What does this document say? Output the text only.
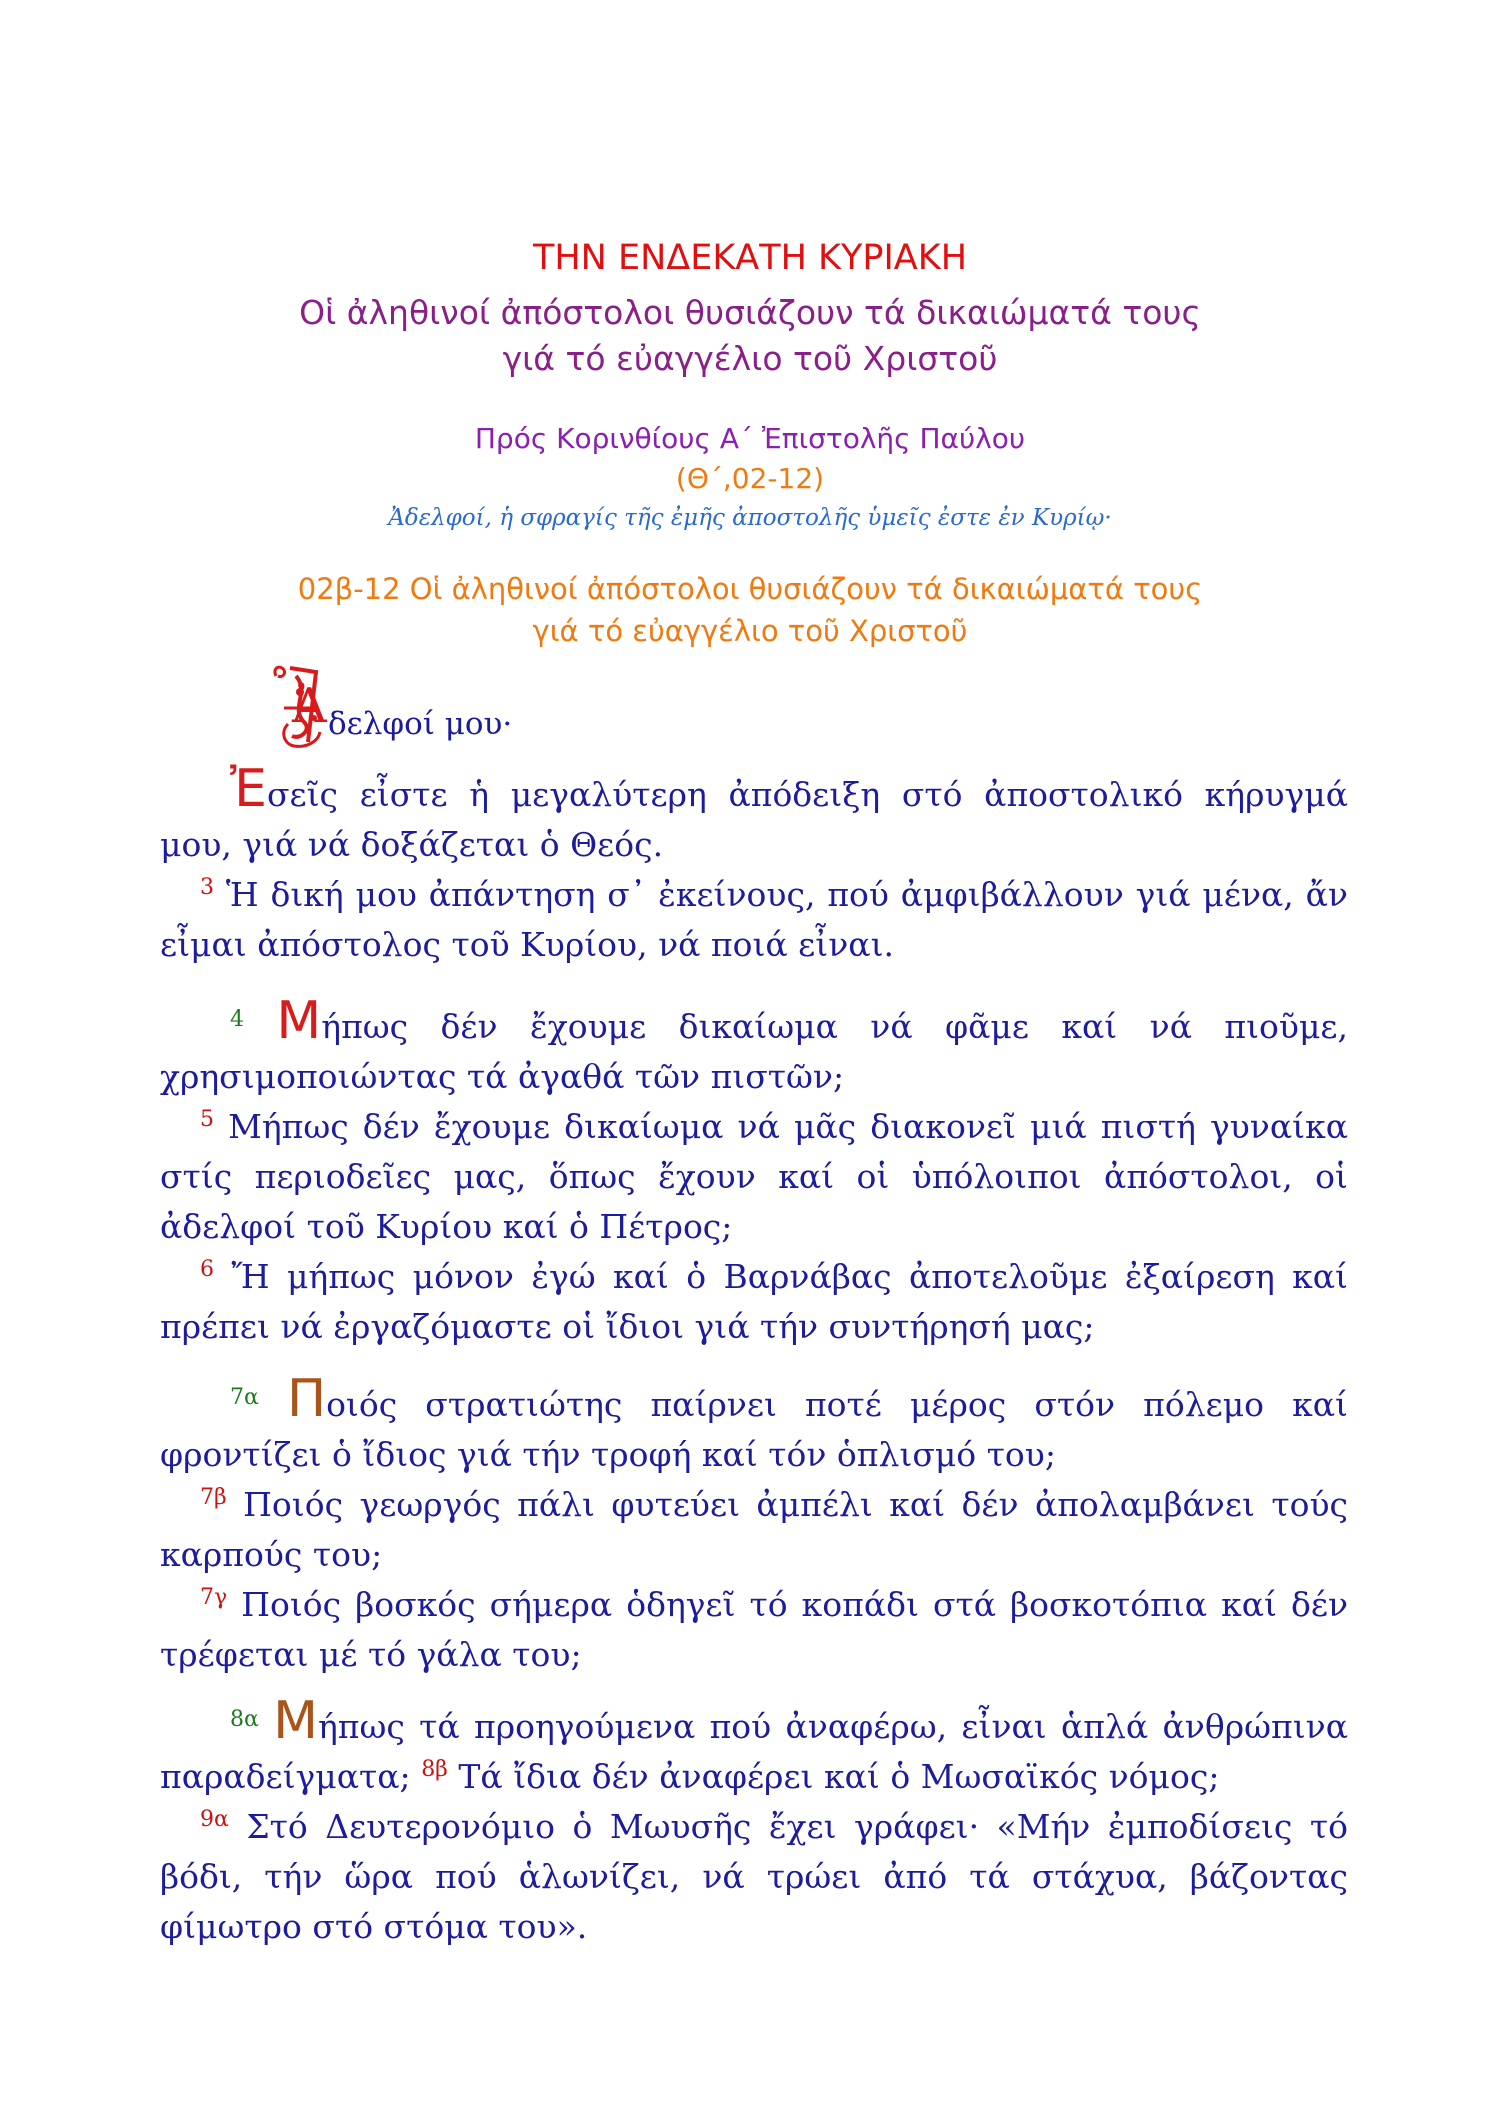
ΤΗΝ ΕΝΔΕΚΑΤΗ ΚΥΡΙΑΚΗ
Οἱ ἀληθινοί ἀπόστολοι θυσιάζουν τά δικαιώματά τους
γιά τό εὐαγγέλιο τοῦ Χριστοῦ
Πρός Κορινθίους Α΄ Ἐπιστολῆς Παύλου
(Θ΄,02-12)
Ἀδελφοί, ἡ σφραγίς τῆς ἐμῆς ἀποστολῆς ὑμεῖς ἐστε ἐν Κυρίῳ·
02β-12 Οἱ ἀληθινοί ἀπόστολοι θυσιάζουν τά δικαιώματά τους
γιά τό εὐαγγέλιο τοῦ Χριστοῦ
Ἀ δελφοί μου·

Ἐσεῖς εἶστε ἡ μεγαλύτερη ἀπόδειξη στό ἀποστολικό κήρυγμά μου, γιά νά δοξάζεται ὁ Θεός.

$^3$ Ἡ δική μου ἀπάντηση σ᾽ ἐκείνους, πού ἀμφιβάλλουν γιά μένα, ἄν εἶμαι ἀπόστολος τοῦ Κυρίου, νά ποιά εἶναι.

$^4$ Μήπως δέν ἔχουμε δικαίωμα νά φᾶμε καί νά πιοῦμε, χρησιμοποιώντας τά ἀγαθά τῶν πιστῶν;

$^5$ Μήπως δέν ἔχουμε δικαίωμα νά μᾶς διακονεῖ μιά πιστή γυναίκα στίς περιοδεῖες μας, ὅπως ἔχουν καί οἱ ὑπόλοιποι ἀπόστολοι, οἱ ἀδελφοί τοῦ Κυρίου καί ὁ Πέτρος;

$^6$ Ἤ μήπως μόνον ἐγώ καί ὁ Βαρνάβας ἀποτελοῦμε ἐξαίρεση καί πρέπει νά ἐργαζόμαστε οἱ ἴδιοι γιά τήν συντήρησή μας;

$^{7\alpha}$ Ποιός στρατιώτης παίρνει ποτέ μέρος στόν πόλεμο καί φροντίζει ὁ ἴδιος γιά τήν τροφή καί τόν ὁπλισμό του;

$^{7\beta}$ Ποιός γεωργός πάλι φυτεύει ἀμπέλι καί δέν ἀπολαμβάνει τούς καρπούς του;

$^{7\gamma}$ Ποιός βοσκός σήμερα ὁδηγεῖ τό κοπάδι στά βοσκοτόπια καί δέν τρέφεται μέ τό γάλα του;

$^{8\alpha}$ Μήπως τά προηγούμενα πού ἀναφέρω, εἶναι ἁπλά ἀνθρώπινα παραδείγματα; $^{8\beta}$ Τά ἴδια δέν ἀναφέρει καί ὁ Μωσαϊκός νόμος;

$^{9\alpha}$ Στό Δευτερονόμιο ὁ Μωυσῆς ἔχει γράφει· «Μήν ἐμποδίσεις τό βόδι, τήν ὥρα πού ἁλωνίζει, νά τρώει ἀπό τά στάχυα, βάζοντας φίμωτρο στό στόμα του».
